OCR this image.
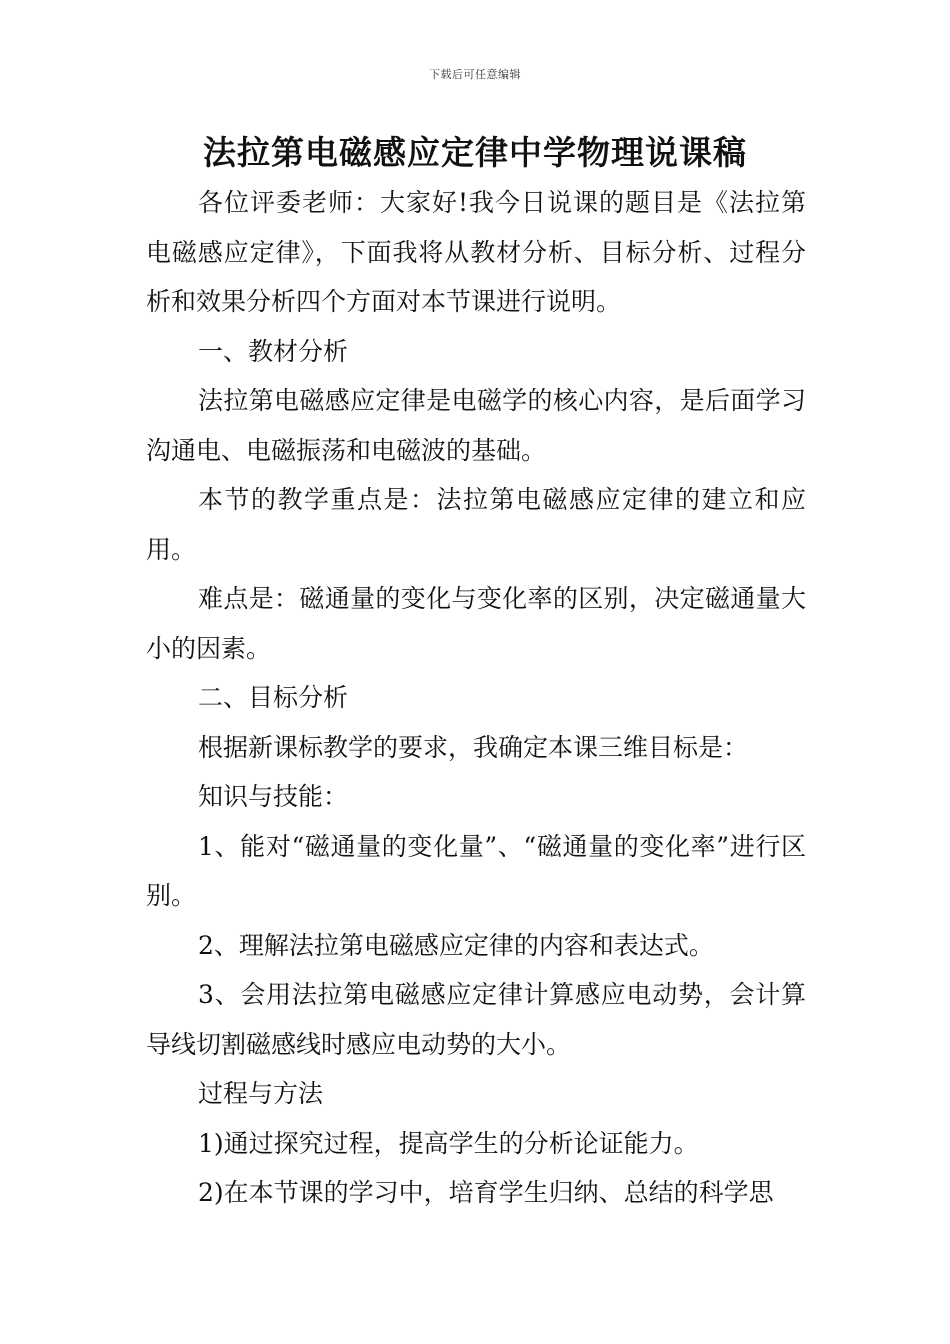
下载后可任意编辑
法拉第电磁感应定律中学物理说课稿

各位评委老师：大家好!我今日说课的题目是《法拉第电磁感应定律》，下面我将从教材分析、目标分析、过程分析和效果分析四个方面对本节课进行说明。

一、教材分析

法拉第电磁感应定律是电磁学的核心内容，是后面学习沟通电、电磁振荡和电磁波的基础。

本节的教学重点是：法拉第电磁感应定律的建立和应用。

难点是：磁通量的变化与变化率的区别，决定磁通量大小的因素。

二、目标分析

根据新课标教学的要求，我确定本课三维目标是：

知识与技能：

1、能对“磁通量的变化量”、“磁通量的变化率”进行区别。

2、理解法拉第电磁感应定律的内容和表达式。

3、会用法拉第电磁感应定律计算感应电动势，会计算导线切割磁感线时感应电动势的大小。

过程与方法

1)通过探究过程，提高学生的分析论证能力。

2)在本节课的学习中，培育学生归纳、总结的科学思
